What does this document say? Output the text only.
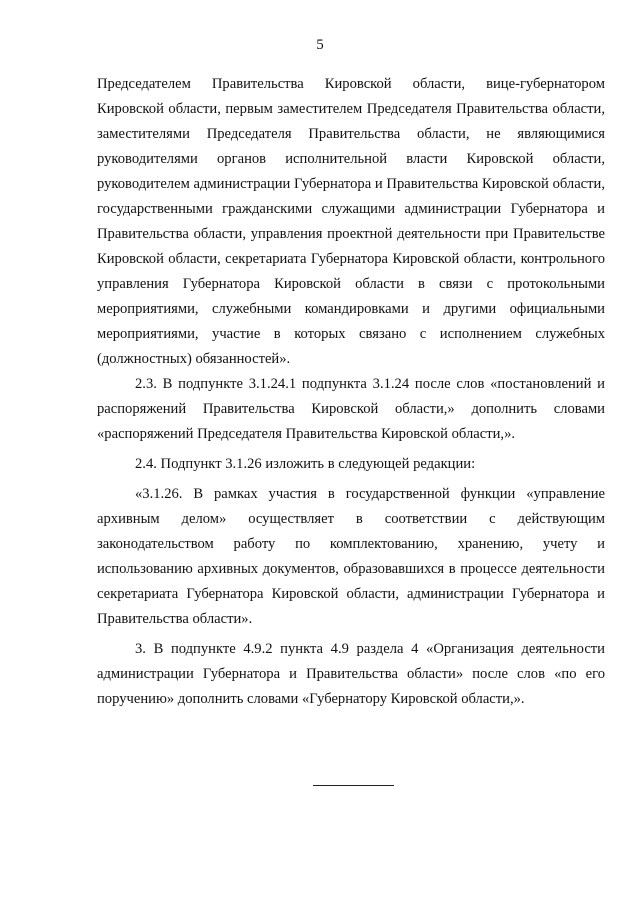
5

Председателем Правительства Кировской области, вице-губернатором Кировской области, первым заместителем Председателя Правительства области, заместителями Председателя Правительства области, не являющимися руководителями органов исполнительной власти Кировской области, руководителем администрации Губернатора и Правительства Кировской области, государственными гражданскими служащими администрации Губернатора и Правительства области, управления проектной деятельности при Правительстве Кировской области, секретариата Губернатора Кировской области, контрольного управления Губернатора Кировской области в связи с протокольными мероприятиями, служебными командировками и другими официальными мероприятиями, участие в которых связано с исполнением служебных (должностных) обязанностей».

2.3. В подпункте 3.1.24.1 подпункта 3.1.24 после слов «постановлений и распоряжений Правительства Кировской области,» дополнить словами «распоряжений Председателя Правительства Кировской области,».

2.4. Подпункт 3.1.26 изложить в следующей редакции:

«3.1.26. В рамках участия в государственной функции «управление архивным делом» осуществляет в соответствии с действующим законодательством работу по комплектованию, хранению, учету и использованию архивных документов, образовавшихся в процессе деятельности секретариата Губернатора Кировской области, администрации Губернатора и Правительства области».

3. В подпункте 4.9.2 пункта 4.9 раздела 4 «Организация деятельности администрации Губернатора и Правительства области» после слов «по его поручению» дополнить словами «Губернатору Кировской области,».
